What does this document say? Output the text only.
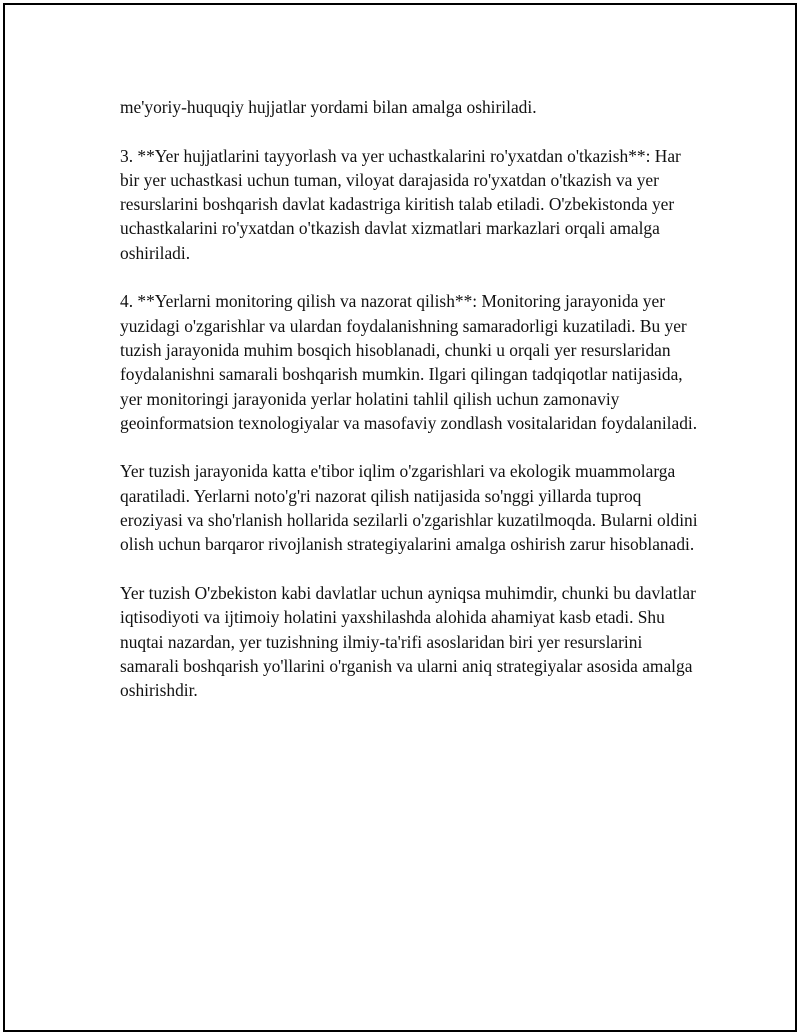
me'yoriy-huquqiy hujjatlar yordami bilan amalga oshiriladi.

3. **Yer hujjatlarini tayyorlash va yer uchastkalarini ro'yxatdan o'tkazish**: Har bir yer uchastkasi uchun tuman, viloyat darajasida ro'yxatdan o'tkazish va yer resurslarini boshqarish davlat kadastriga kiritish talab etiladi. O'zbekistonda yer uchastkalarini ro'yxatdan o'tkazish davlat xizmatlari markazlari orqali amalga oshiriladi.

4. **Yerlarni monitoring qilish va nazorat qilish**: Monitoring jarayonida yer yuzidagi o'zgarishlar va ulardan foydalanishning samaradorligi kuzatiladi. Bu yer tuzish jarayonida muhim bosqich hisoblanadi, chunki u orqali yer resurslaridan foydalanishni samarali boshqarish mumkin. Ilgari qilingan tadqiqotlar natijasida, yer monitoringi jarayonida yerlar holatini tahlil qilish uchun zamonaviy geoinformatsion texnologiyalar va masofaviy zondlash vositalaridan foydalaniladi.

Yer tuzish jarayonida katta e'tibor iqlim o'zgarishlari va ekologik muammolarga qaratiladi. Yerlarni noto'g'ri nazorat qilish natijasida so'nggi yillarda tuproq eroziyasi va sho'rlanish hollarida sezilarli o'zgarishlar kuzatilmoqda. Bularni oldini olish uchun barqaror rivojlanish strategiyalarini amalga oshirish zarur hisoblanadi.

Yer tuzish O'zbekiston kabi davlatlar uchun ayniqsa muhimdir, chunki bu davlatlar iqtisodiyoti va ijtimoiy holatini yaxshilashda alohida ahamiyat kasb etadi. Shu nuqtai nazardan, yer tuzishning ilmiy-ta'rifi asoslaridan biri yer resurslarini samarali boshqarish yo'llarini o'rganish va ularni aniq strategiyalar asosida amalga oshirishdir.
